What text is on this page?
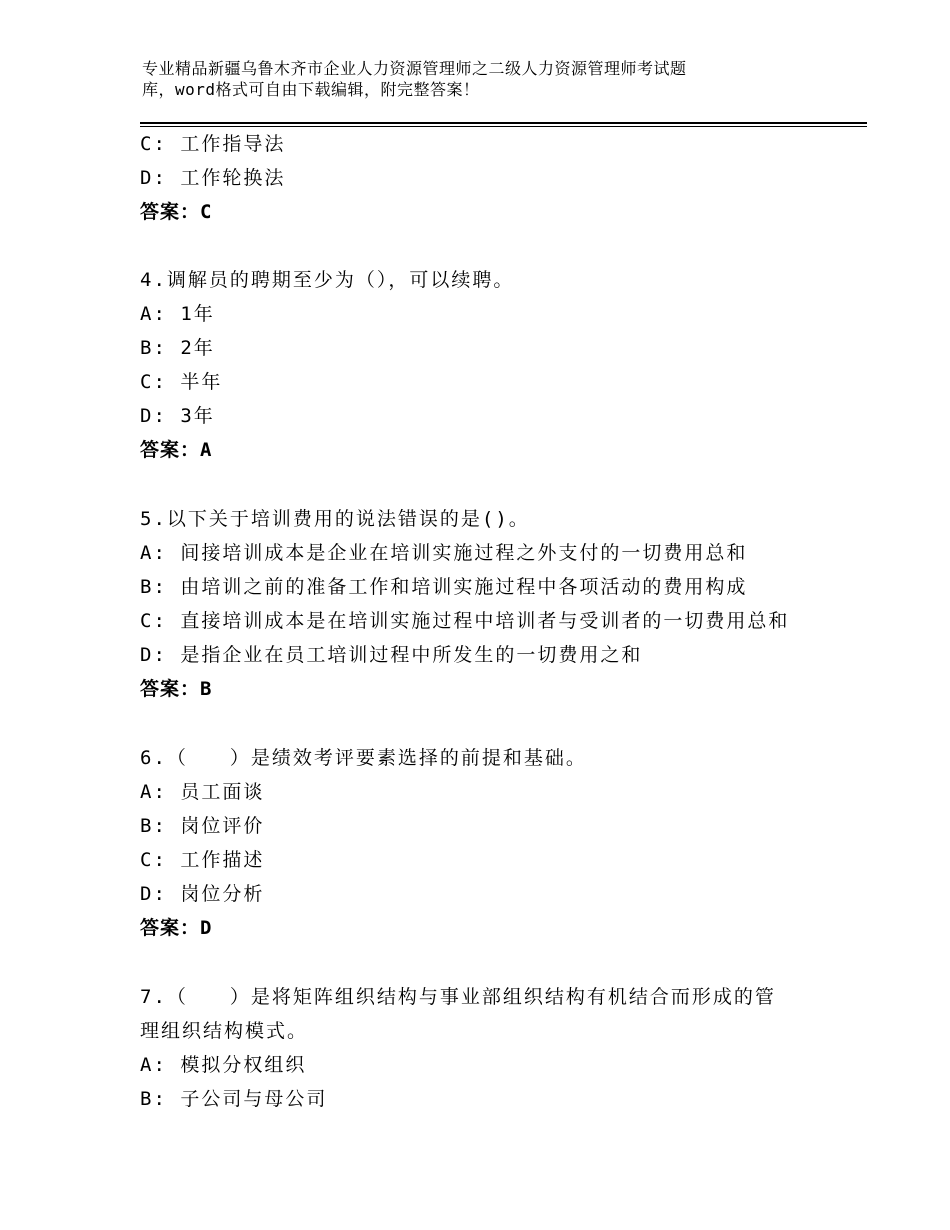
专业精品新疆乌鲁木齐市企业人力资源管理师之二级人力资源管理师考试题
库，word格式可自由下载编辑，附完整答案！
C: 工作指导法
D: 工作轮换法
答案：C
4.调解员的聘期至少为（），可以续聘。
A: 1年
B: 2年
C: 半年
D: 3年
答案：A
5.以下关于培训费用的说法错误的是()。
A: 间接培训成本是企业在培训实施过程之外支付的一切费用总和
B: 由培训之前的准备工作和培训实施过程中各项活动的费用构成
C: 直接培训成本是在培训实施过程中培训者与受训者的一切费用总和
D: 是指企业在员工培训过程中所发生的一切费用之和
答案：B
6.（　　）是绩效考评要素选择的前提和基础。
A: 员工面谈
B: 岗位评价
C: 工作描述
D: 岗位分析
答案：D
7.（　　）是将矩阵组织结构与事业部组织结构有机结合而形成的管
理组织结构模式。
A: 模拟分权组织
B: 子公司与母公司
